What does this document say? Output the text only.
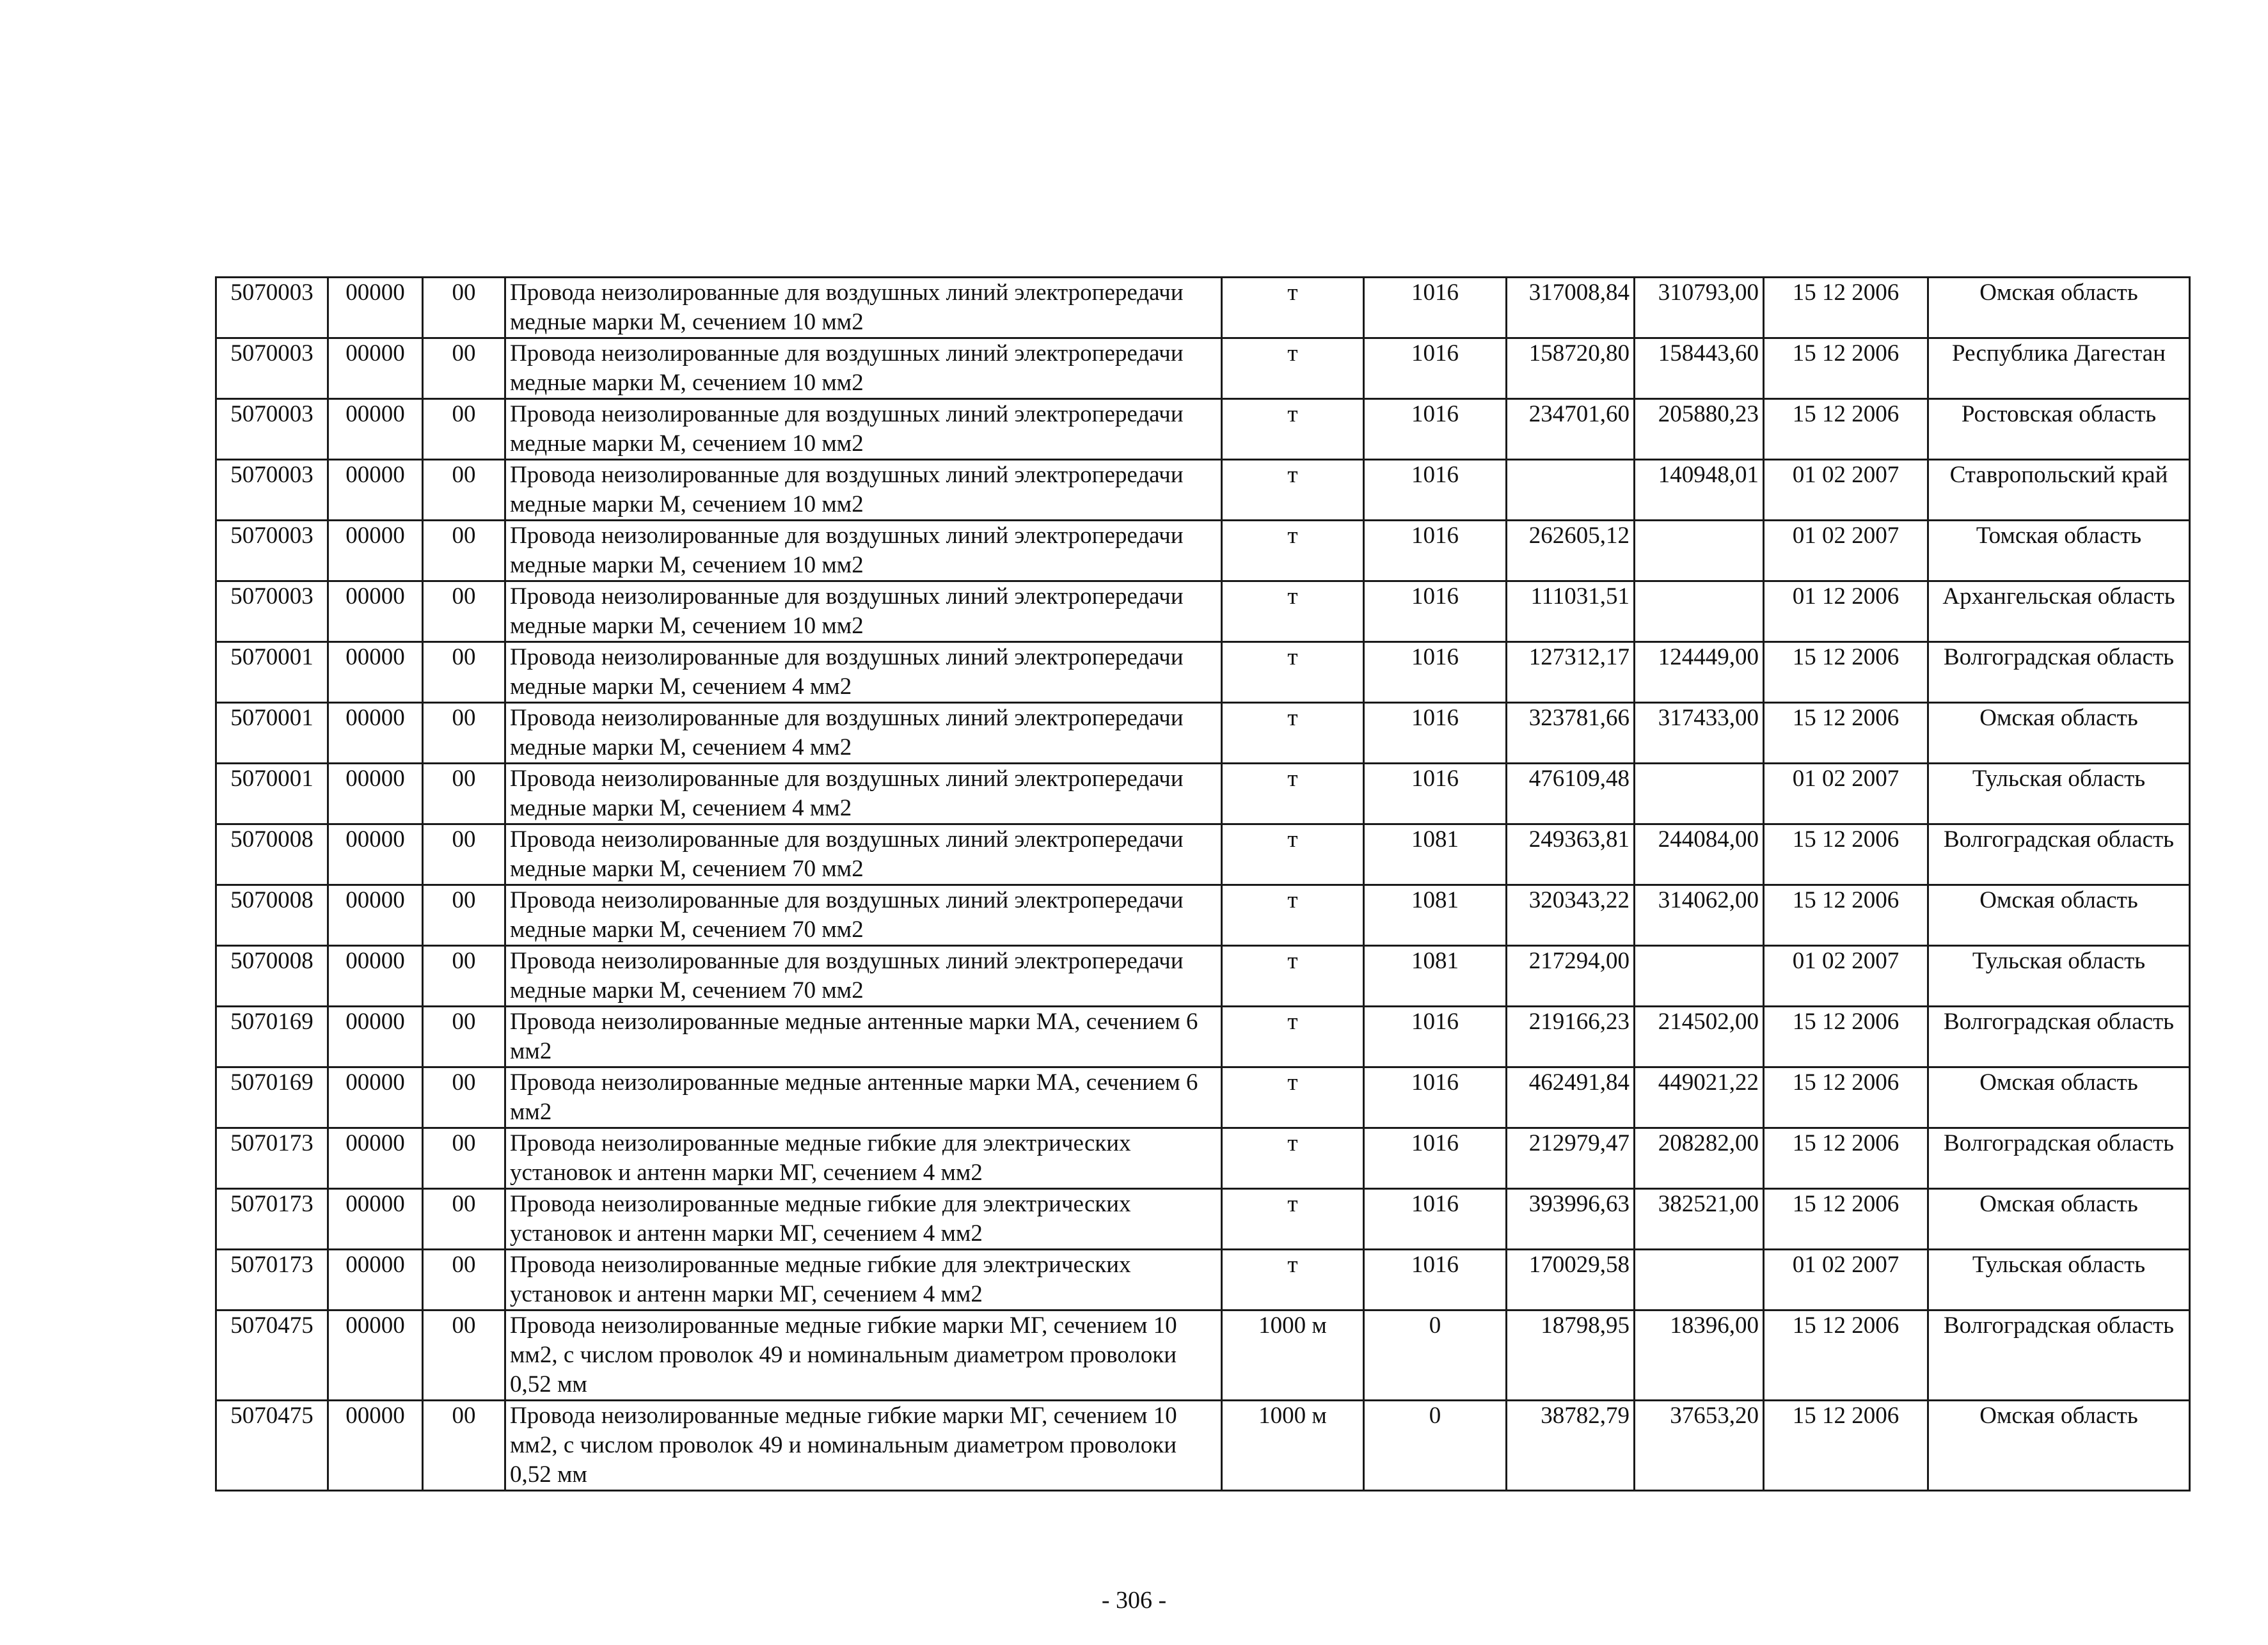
5070003	00000	00	Провода неизолированные для воздушных линий электропередачи медные марки М, сечением 10 мм2	т	1016	317008,84	310793,00	15 12 2006	Омская область
5070003	00000	00	Провода неизолированные для воздушных линий электропередачи медные марки М, сечением 10 мм2	т	1016	158720,80	158443,60	15 12 2006	Республика Дагестан
5070003	00000	00	Провода неизолированные для воздушных линий электропередачи медные марки М, сечением 10 мм2	т	1016	234701,60	205880,23	15 12 2006	Ростовская область
5070003	00000	00	Провода неизолированные для воздушных линий электропередачи медные марки М, сечением 10 мм2	т	1016		140948,01	01 02 2007	Ставропольский край
5070003	00000	00	Провода неизолированные для воздушных линий электропередачи медные марки М, сечением 10 мм2	т	1016	262605,12		01 02 2007	Томская область
5070003	00000	00	Провода неизолированные для воздушных линий электропередачи медные марки М, сечением 10 мм2	т	1016	111031,51		01 12 2006	Архангельская область
5070001	00000	00	Провода неизолированные для воздушных линий электропередачи медные марки М, сечением 4 мм2	т	1016	127312,17	124449,00	15 12 2006	Волгоградская область
5070001	00000	00	Провода неизолированные для воздушных линий электропередачи медные марки М, сечением 4 мм2	т	1016	323781,66	317433,00	15 12 2006	Омская область
5070001	00000	00	Провода неизолированные для воздушных линий электропередачи медные марки М, сечением 4 мм2	т	1016	476109,48		01 02 2007	Тульская область
5070008	00000	00	Провода неизолированные для воздушных линий электропередачи медные марки М, сечением 70 мм2	т	1081	249363,81	244084,00	15 12 2006	Волгоградская область
5070008	00000	00	Провода неизолированные для воздушных линий электропередачи медные марки М, сечением 70 мм2	т	1081	320343,22	314062,00	15 12 2006	Омская область
5070008	00000	00	Провода неизолированные для воздушных линий электропередачи медные марки М, сечением 70 мм2	т	1081	217294,00		01 02 2007	Тульская область
5070169	00000	00	Провода неизолированные медные антенные марки МА, сечением 6 мм2	т	1016	219166,23	214502,00	15 12 2006	Волгоградская область
5070169	00000	00	Провода неизолированные медные антенные марки МА, сечением 6 мм2	т	1016	462491,84	449021,22	15 12 2006	Омская область
5070173	00000	00	Провода неизолированные медные гибкие для электрических установок и антенн марки МГ, сечением 4 мм2	т	1016	212979,47	208282,00	15 12 2006	Волгоградская область
5070173	00000	00	Провода неизолированные медные гибкие для электрических установок и антенн марки МГ, сечением 4 мм2	т	1016	393996,63	382521,00	15 12 2006	Омская область
5070173	00000	00	Провода неизолированные медные гибкие для электрических установок и антенн марки МГ, сечением 4 мм2	т	1016	170029,58		01 02 2007	Тульская область
5070475	00000	00	Провода неизолированные медные гибкие марки МГ, сечением 10 мм2, с числом проволок 49 и номинальным диаметром проволоки 0,52 мм	1000 м	0	18798,95	18396,00	15 12 2006	Волгоградская область
5070475	00000	00	Провода неизолированные медные гибкие марки МГ, сечением 10 мм2, с числом проволок 49 и номинальным диаметром проволоки 0,52 мм	1000 м	0	38782,79	37653,20	15 12 2006	Омская область
- 306 -
